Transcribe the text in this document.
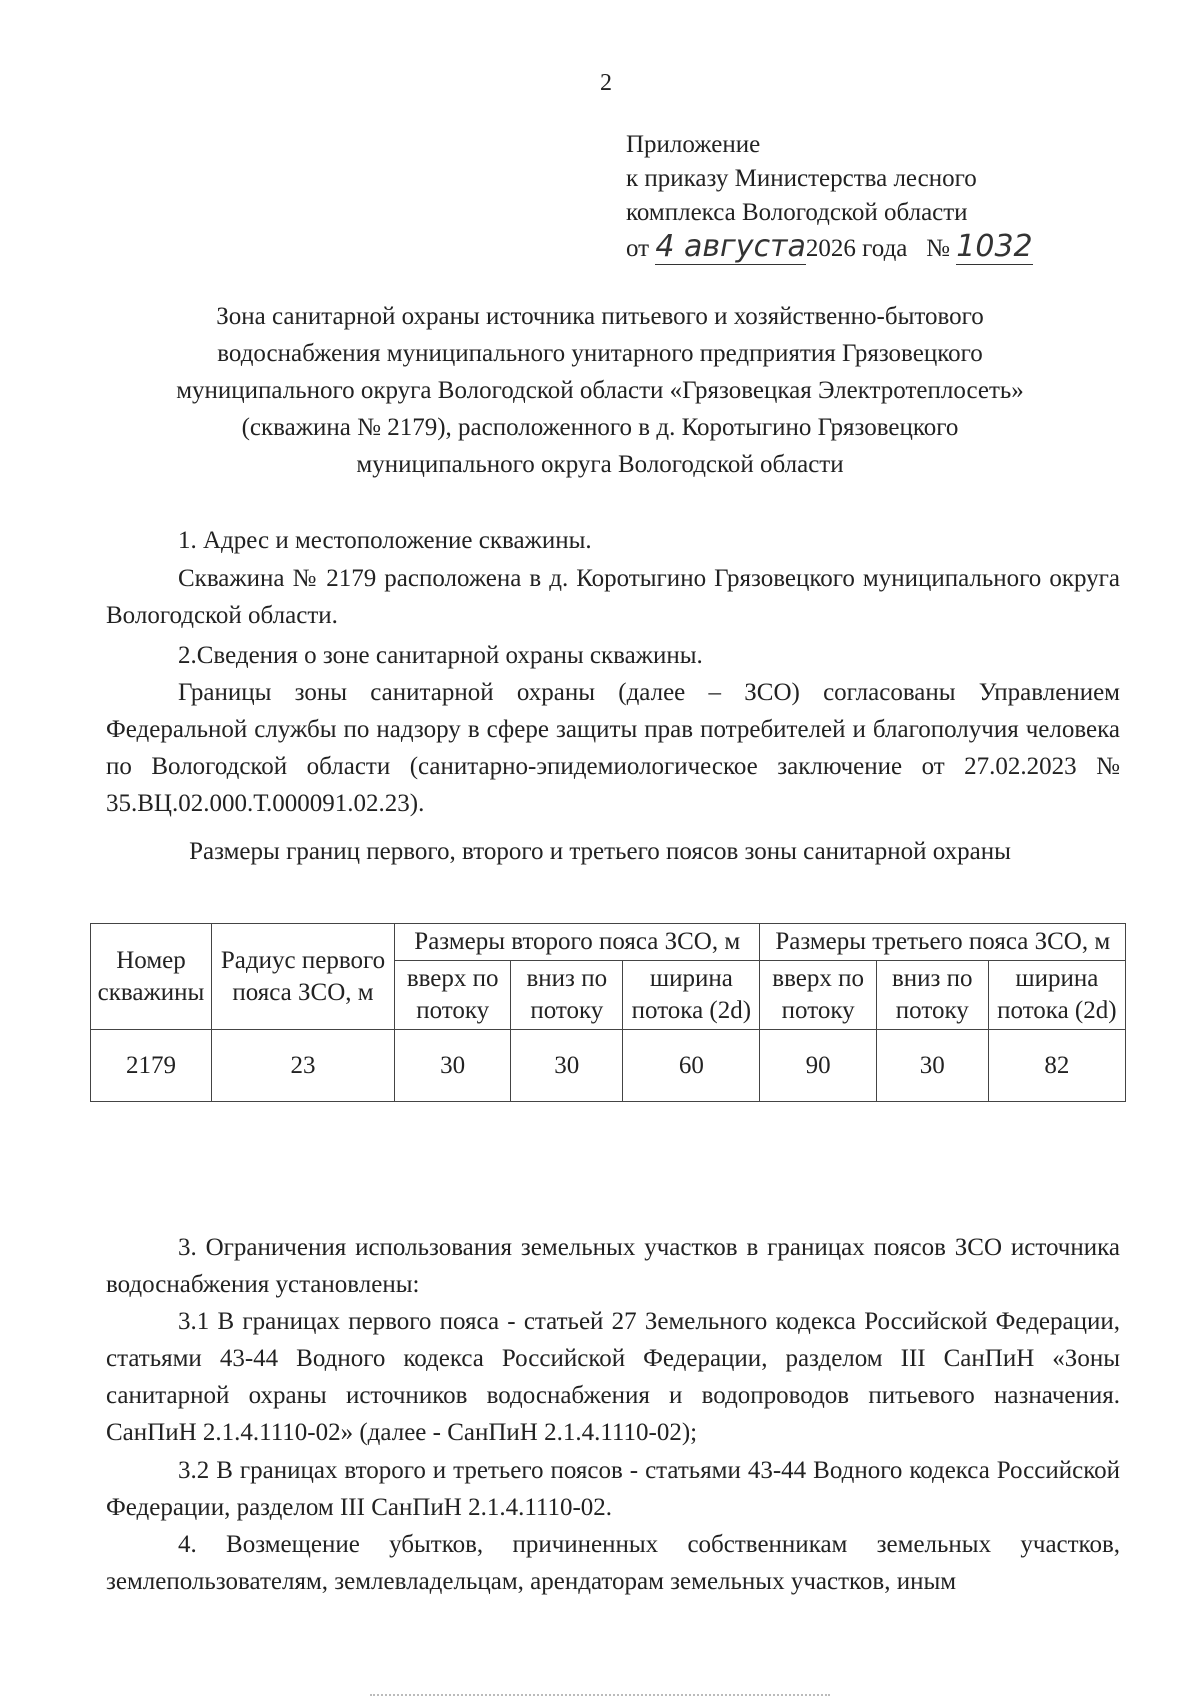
2
Приложение
к приказу Министерства лесного
комплекса Вологодской области
от 4 августа2026 года № 1032
Зона санитарной охраны источника питьевого и хозяйственно-бытового
водоснабжения муниципального унитарного предприятия Грязовецкого
муниципального округа Вологодской области «Грязовецкая Электротеплосеть»
(скважина № 2179), расположенного в д. Коротыгино Грязовецкого
муниципального округа Вологодской области
1. Адрес и местоположение скважины.
Скважина № 2179 расположена в д. Коротыгино Грязовецкого муниципального округа Вологодской области.
2.Сведения о зоне санитарной охраны скважины.
Границы зоны санитарной охраны (далее – ЗСО) согласованы Управлением Федеральной службы по надзору в сфере защиты прав потребителей и благополучия человека по Вологодской области (санитарно-эпидемиологическое заключение от 27.02.2023 № 35.ВЦ.02.000.Т.000091.02.23).
Размеры границ первого, второго и третьего поясов зоны санитарной охраны
Номер скважины	Радиус первого пояса ЗСО, м	Размеры второго пояса ЗСО, м			Размеры третьего пояса ЗСО, м		
		вверх по потоку	вниз по потоку	ширина потока (2d)	вверх по потоку	вниз по потоку	ширина потока (2d)
2179	23	30	30	60	90	30	82
3. Ограничения использования земельных участков в границах поясов ЗСО источника водоснабжения установлены:
3.1 В границах первого пояса - статьей 27 Земельного кодекса Российской Федерации, статьями 43-44 Водного кодекса Российской Федерации, разделом III СанПиН «Зоны санитарной охраны источников водоснабжения и водопроводов питьевого назначения. СанПиН 2.1.4.1110-02» (далее - СанПиН 2.1.4.1110-02);
3.2 В границах второго и третьего поясов - статьями 43-44 Водного кодекса Российской Федерации, разделом III СанПиН 2.1.4.1110-02.
4. Возмещение убытков, причиненных собственникам земельных участков, землепользователям, землевладельцам, арендаторам земельных участков, иным
